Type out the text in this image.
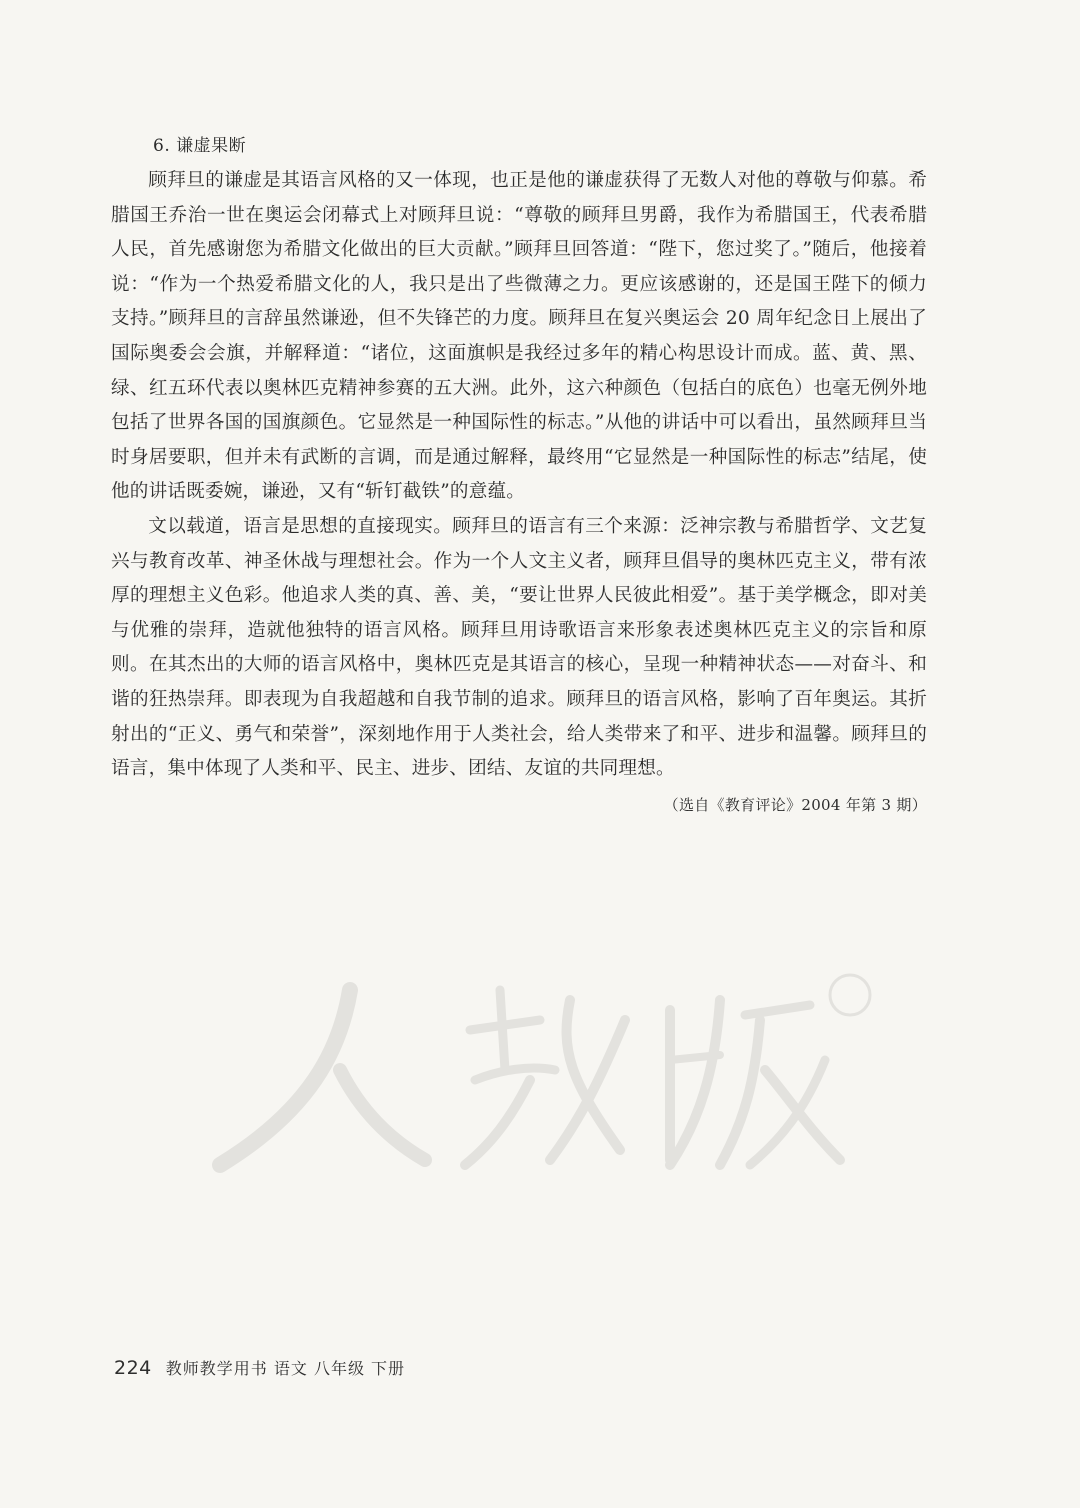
6. 谦虚果断

顾拜旦的谦虚是其语言风格的又一体现，也正是他的谦虚获得了无数人对他的尊敬与仰慕。希腊国王乔治一世在奥运会闭幕式上对顾拜旦说：“尊敬的顾拜旦男爵，我作为希腊国王，代表希腊人民，首先感谢您为希腊文化做出的巨大贡献。”顾拜旦回答道：“陛下，您过奖了。”随后，他接着说：“作为一个热爱希腊文化的人，我只是出了些微薄之力。更应该感谢的，还是国王陛下的倾力支持。”顾拜旦的言辞虽然谦逊，但不失锋芒的力度。顾拜旦在复兴奥运会 20 周年纪念日上展出了国际奥委会会旗，并解释道：“诸位，这面旗帜是我经过多年的精心构思设计而成。蓝、黄、黑、绿、红五环代表以奥林匹克精神参赛的五大洲。此外，这六种颜色（包括白的底色）也毫无例外地包括了世界各国的国旗颜色。它显然是一种国际性的标志。”从他的讲话中可以看出，虽然顾拜旦当时身居要职，但并未有武断的言调，而是通过解释，最终用“它显然是一种国际性的标志”结尾，使他的讲话既委婉，谦逊，又有“斩钉截铁”的意蕴。

文以载道，语言是思想的直接现实。顾拜旦的语言有三个来源：泛神宗教与希腊哲学、文艺复兴与教育改革、神圣休战与理想社会。作为一个人文主义者，顾拜旦倡导的奥林匹克主义，带有浓厚的理想主义色彩。他追求人类的真、善、美，“要让世界人民彼此相爱”。基于美学概念，即对美与优雅的崇拜，造就他独特的语言风格。顾拜旦用诗歌语言来形象表述奥林匹克主义的宗旨和原则。在其杰出的大师的语言风格中，奥林匹克是其语言的核心，呈现一种精神状态——对奋斗、和谐的狂热崇拜。即表现为自我超越和自我节制的追求。顾拜旦的语言风格，影响了百年奥运。其折射出的“正义、勇气和荣誉”，深刻地作用于人类社会，给人类带来了和平、进步和温馨。顾拜旦的语言，集中体现了人类和平、民主、进步、团结、友谊的共同理想。

（选自《教育评论》2004 年第 3 期）
224 教师教学用书 语文 八年级 下册
